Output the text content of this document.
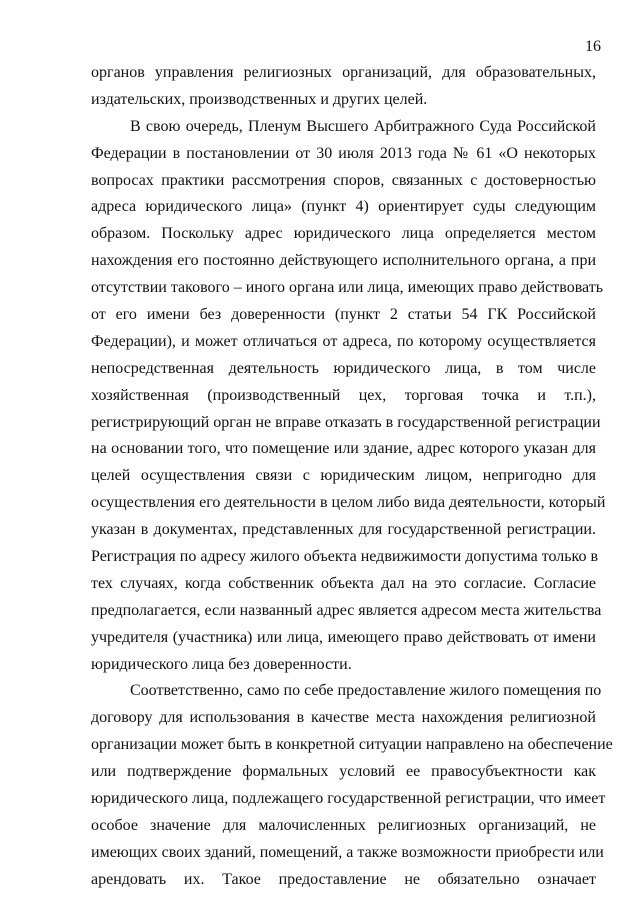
16
органов управления религиозных организаций, для образовательных,
издательских, производственных и других целей.
В свою очередь, Пленум Высшего Арбитражного Суда Российской
Федерации в постановлении от 30 июля 2013 года № 61 «О некоторых
вопросах практики рассмотрения споров, связанных с достоверностью
адреса юридического лица» (пункт 4) ориентирует суды следующим
образом. Поскольку адрес юридического лица определяется местом
нахождения его постоянно действующего исполнительного органа, а при
отсутствии такового – иного органа или лица, имеющих право действовать
от его имени без доверенности (пункт 2 статьи 54 ГК Российской
Федерации), и может отличаться от адреса, по которому осуществляется
непосредственная деятельность юридического лица, в том числе
хозяйственная (производственный цех, торговая точка и т.п.),
регистрирующий орган не вправе отказать в государственной регистрации
на основании того, что помещение или здание, адрес которого указан для
целей осуществления связи с юридическим лицом, непригодно для
осуществления его деятельности в целом либо вида деятельности, который
указан в документах, представленных для государственной регистрации.
Регистрация по адресу жилого объекта недвижимости допустима только в
тех случаях, когда собственник объекта дал на это согласие. Согласие
предполагается, если названный адрес является адресом места жительства
учредителя (участника) или лица, имеющего право действовать от имени
юридического лица без доверенности.
Соответственно, само по себе предоставление жилого помещения по
договору для использования в качестве места нахождения религиозной
организации может быть в конкретной ситуации направлено на обеспечение
или подтверждение формальных условий ее правосубъектности как
юридического лица, подлежащего государственной регистрации, что имеет
особое значение для малочисленных религиозных организаций, не
имеющих своих зданий, помещений, а также возможности приобрести или
арендовать их. Такое предоставление не обязательно означает
